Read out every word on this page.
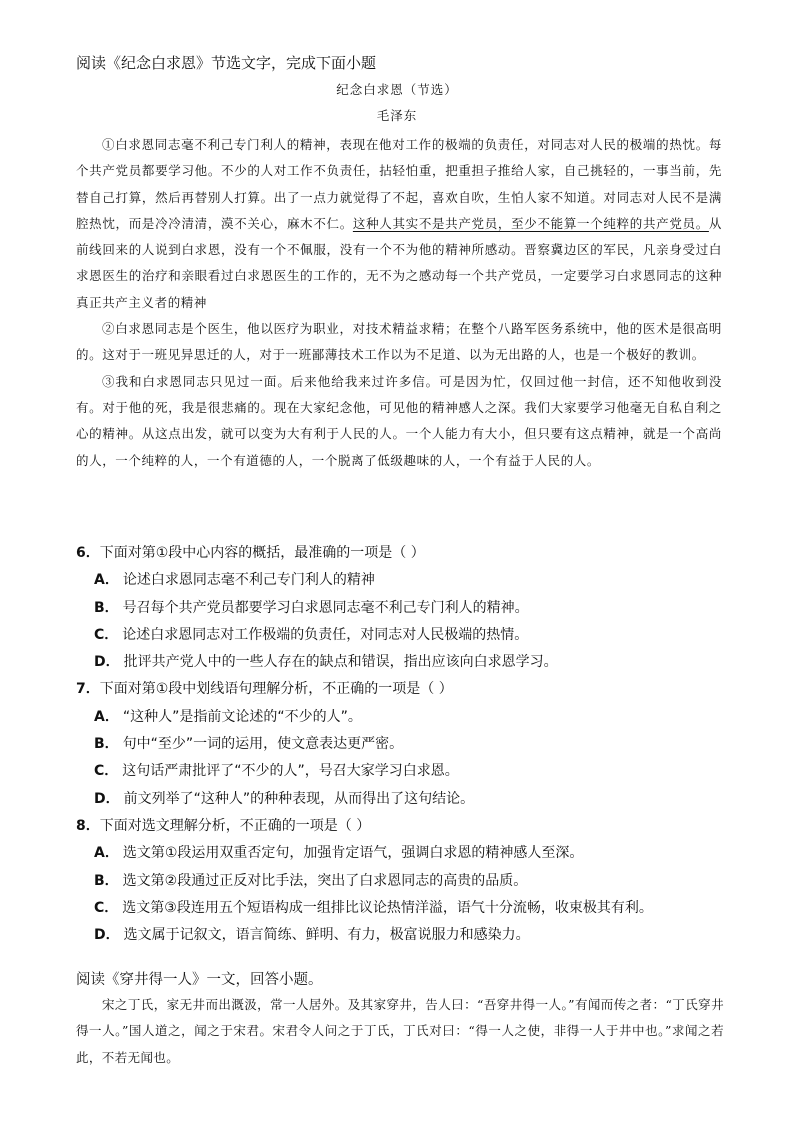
阅读《纪念白求恩》节选文字，完成下面小题
纪念白求恩（节选）
毛泽东

①白求恩同志毫不利己专门利人的精神，表现在他对工作的极端的负责任，对同志对人民的极端的热忱。每个共产党员都要学习他。不少的人对工作不负责任，拈轻怕重，把重担子推给人家，自己挑轻的，一事当前，先替自己打算，然后再替别人打算。出了一点力就觉得了不起，喜欢自吹，生怕人家不知道。对同志对人民不是满腔热忱，而是冷冷清清，漠不关心，麻木不仁。这种人其实不是共产党员，至少不能算一个纯粹的共产党员。从前线回来的人说到白求恩，没有一个不佩服，没有一个不为他的精神所感动。晋察冀边区的军民，凡亲身受过白求恩医生的治疗和亲眼看过白求恩医生的工作的，无不为之感动每一个共产党员，一定要学习白求恩同志的这种真正共产主义者的精神

②白求恩同志是个医生，他以医疗为职业，对技术精益求精；在整个八路军医务系统中，他的医术是很高明的。这对于一班见异思迁的人，对于一班鄙薄技术工作以为不足道、以为无出路的人，也是一个极好的教训。

③我和白求恩同志只见过一面。后来他给我来过许多信。可是因为忙，仅回过他一封信，还不知他收到没有。对于他的死，我是很悲痛的。现在大家纪念他，可见他的精神感人之深。我们大家要学习他毫无自私自利之心的精神。从这点出发，就可以变为大有利于人民的人。一个人能力有大小，但只要有这点精神，就是一个高尚的人，一个纯粹的人，一个有道德的人，一个脱离了低级趣味的人，一个有益于人民的人。

6．下面对第①段中心内容的概括，最准确的一项是（ ）
A． 论述白求恩同志毫不利己专门利人的精神
B． 号召每个共产党员都要学习白求恩同志毫不利己专门利人的精神。
C． 论述白求恩同志对工作极端的负责任，对同志对人民极端的热情。
D． 批评共产党人中的一些人存在的缺点和错误，指出应该向白求恩学习。
7．下面对第①段中划线语句理解分析，不正确的一项是（ ）
A． “这种人”是指前文论述的“不少的人”。
B． 句中“至少”一词的运用，使文意表达更严密。
C． 这句话严肃批评了“不少的人”，号召大家学习白求恩。
D． 前文列举了“这种人”的种种表现，从而得出了这句结论。
8．下面对选文理解分析，不正确的一项是（ ）
A． 选文第①段运用双重否定句，加强肯定语气，强调白求恩的精神感人至深。
B． 选文第②段通过正反对比手法，突出了白求恩同志的高贵的品质。
C． 选文第③段连用五个短语构成一组排比议论热情洋溢，语气十分流畅，收束极其有利。
D． 选文属于记叙文，语言简练、鲜明、有力，极富说服力和感染力。
阅读《穿井得一人》一文，回答小题。

宋之丁氏，家无井而出溉汲，常一人居外。及其家穿井，告人曰：“吾穿井得一人。”有闻而传之者：“丁氏穿井得一人。”国人道之，闻之于宋君。宋君令人问之于丁氏，丁氏对曰：“得一人之使，非得一人于井中也。”求闻之若此，不若无闻也。
